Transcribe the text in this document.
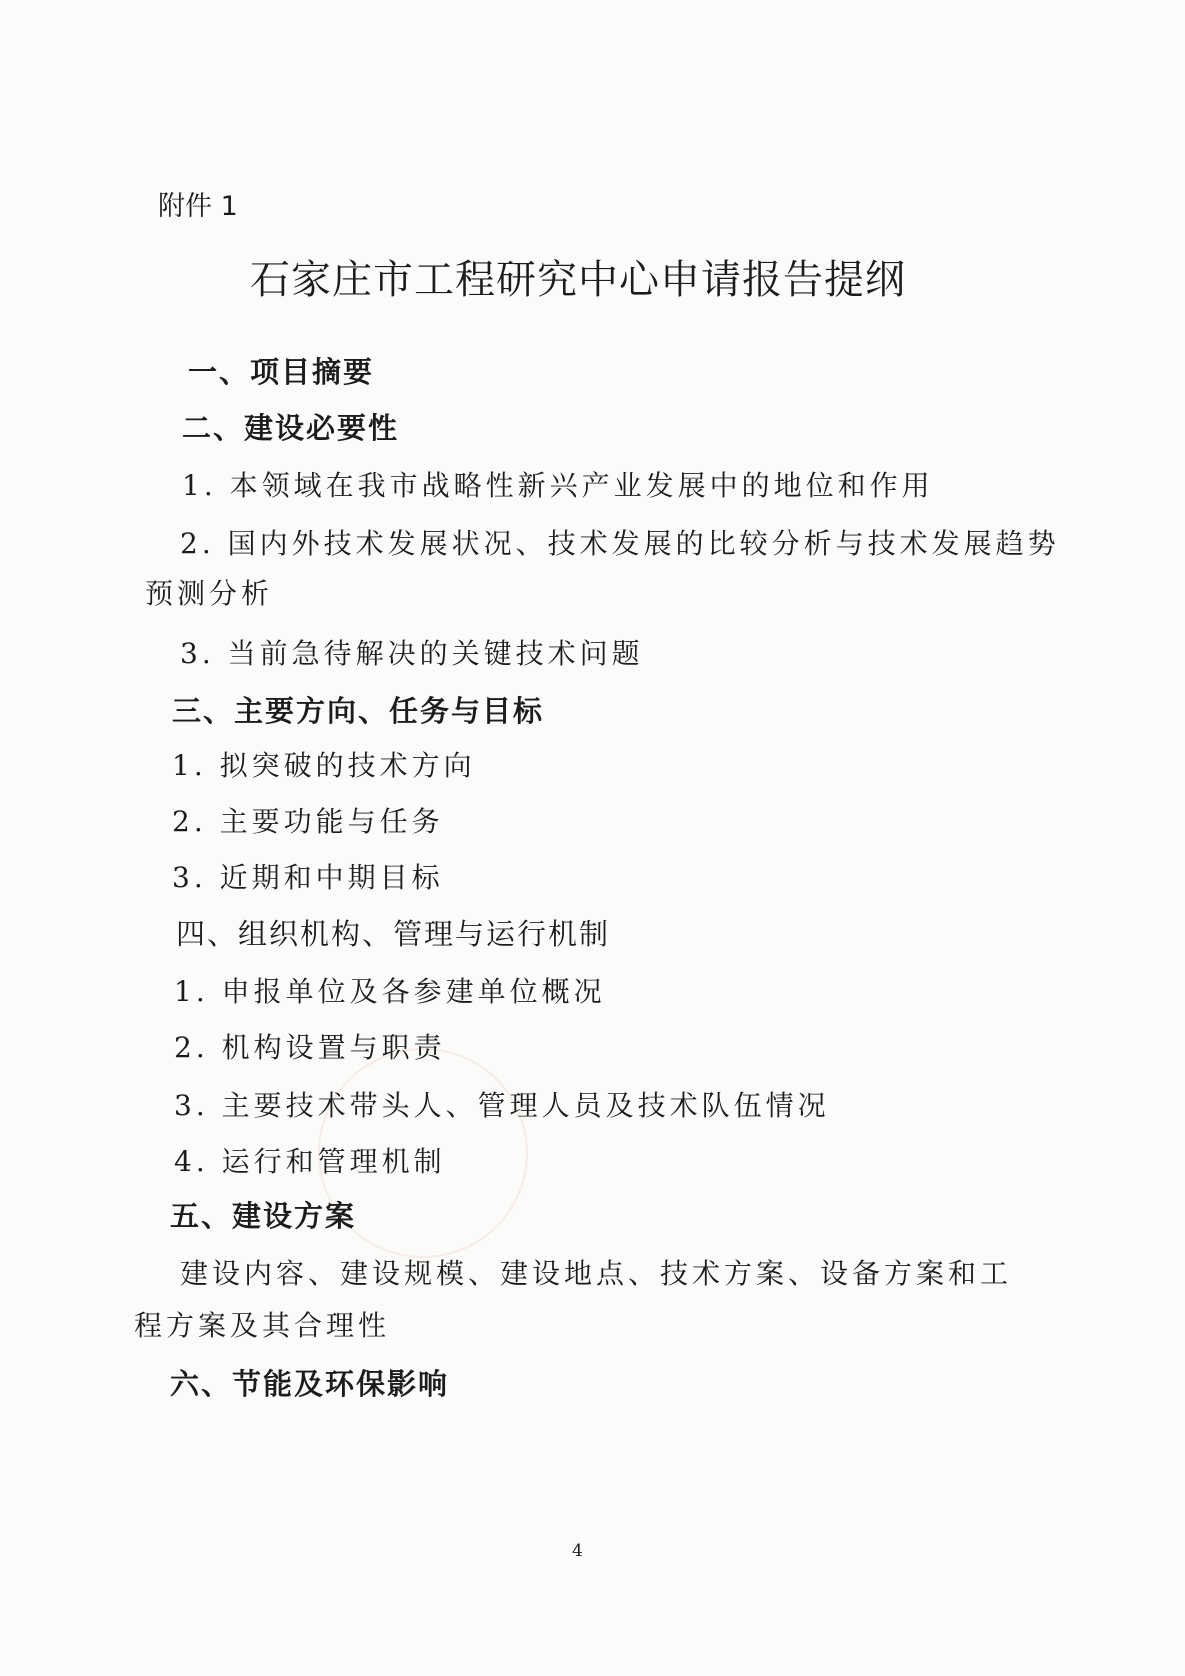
附件 1
石家庄市工程研究中心申请报告提纲
一、项目摘要
二、建设必要性
1. 本领域在我市战略性新兴产业发展中的地位和作用
2. 国内外技术发展状况、技术发展的比较分析与技术发展趋势
预测分析
3. 当前急待解决的关键技术问题
三、主要方向、任务与目标
1. 拟突破的技术方向
2. 主要功能与任务
3. 近期和中期目标
四、组织机构、管理与运行机制
1. 申报单位及各参建单位概况
2. 机构设置与职责
3. 主要技术带头人、管理人员及技术队伍情况
4. 运行和管理机制
五、建设方案
建设内容、建设规模、建设地点、技术方案、设备方案和工
程方案及其合理性
六、节能及环保影响
4
